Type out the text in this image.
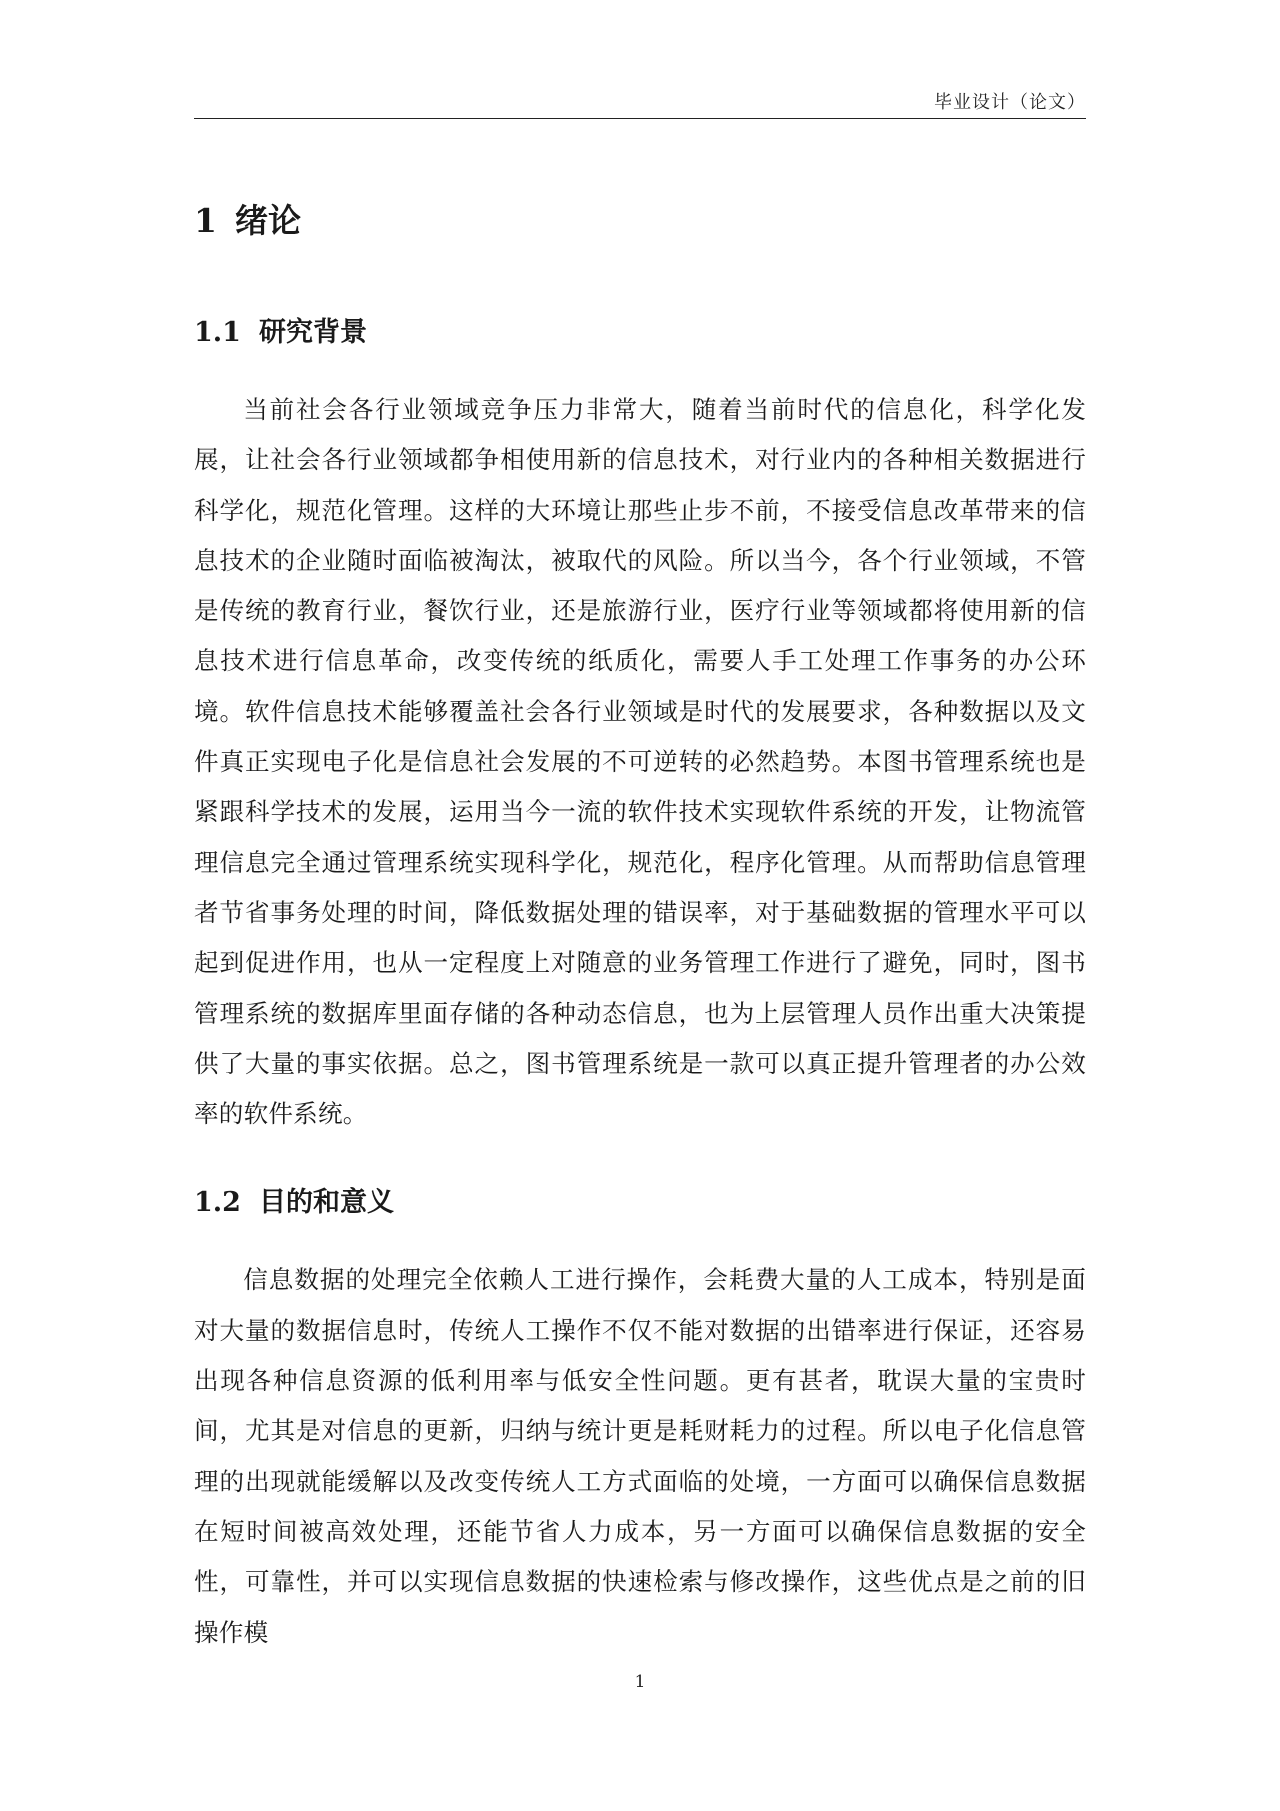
毕业设计（论文）
1 绪论
1.1 研究背景

当前社会各行业领域竞争压力非常大，随着当前时代的信息化，科学化发展，让社会各行业领域都争相使用新的信息技术，对行业内的各种相关数据进行科学化，规范化管理。这样的大环境让那些止步不前，不接受信息改革带来的信息技术的企业随时面临被淘汰，被取代的风险。所以当今，各个行业领域，不管是传统的教育行业，餐饮行业，还是旅游行业，医疗行业等领域都将使用新的信息技术进行信息革命，改变传统的纸质化，需要人手工处理工作事务的办公环境。软件信息技术能够覆盖社会各行业领域是时代的发展要求，各种数据以及文件真正实现电子化是信息社会发展的不可逆转的必然趋势。本图书管理系统也是紧跟科学技术的发展，运用当今一流的软件技术实现软件系统的开发，让物流管理信息完全通过管理系统实现科学化，规范化，程序化管理。从而帮助信息管理者节省事务处理的时间，降低数据处理的错误率，对于基础数据的管理水平可以起到促进作用，也从一定程度上对随意的业务管理工作进行了避免，同时，图书管理系统的数据库里面存储的各种动态信息，也为上层管理人员作出重大决策提供了大量的事实依据。总之，图书管理系统是一款可以真正提升管理者的办公效率的软件系统。

1.2 目的和意义

信息数据的处理完全依赖人工进行操作，会耗费大量的人工成本，特别是面对大量的数据信息时，传统人工操作不仅不能对数据的出错率进行保证，还容易出现各种信息资源的低利用率与低安全性问题。更有甚者，耽误大量的宝贵时间，尤其是对信息的更新，归纳与统计更是耗财耗力的过程。所以电子化信息管理的出现就能缓解以及改变传统人工方式面临的处境，一方面可以确保信息数据在短时间被高效处理，还能节省人力成本，另一方面可以确保信息数据的安全性，可靠性，并可以实现信息数据的快速检索与修改操作，这些优点是之前的旧操作模

1
